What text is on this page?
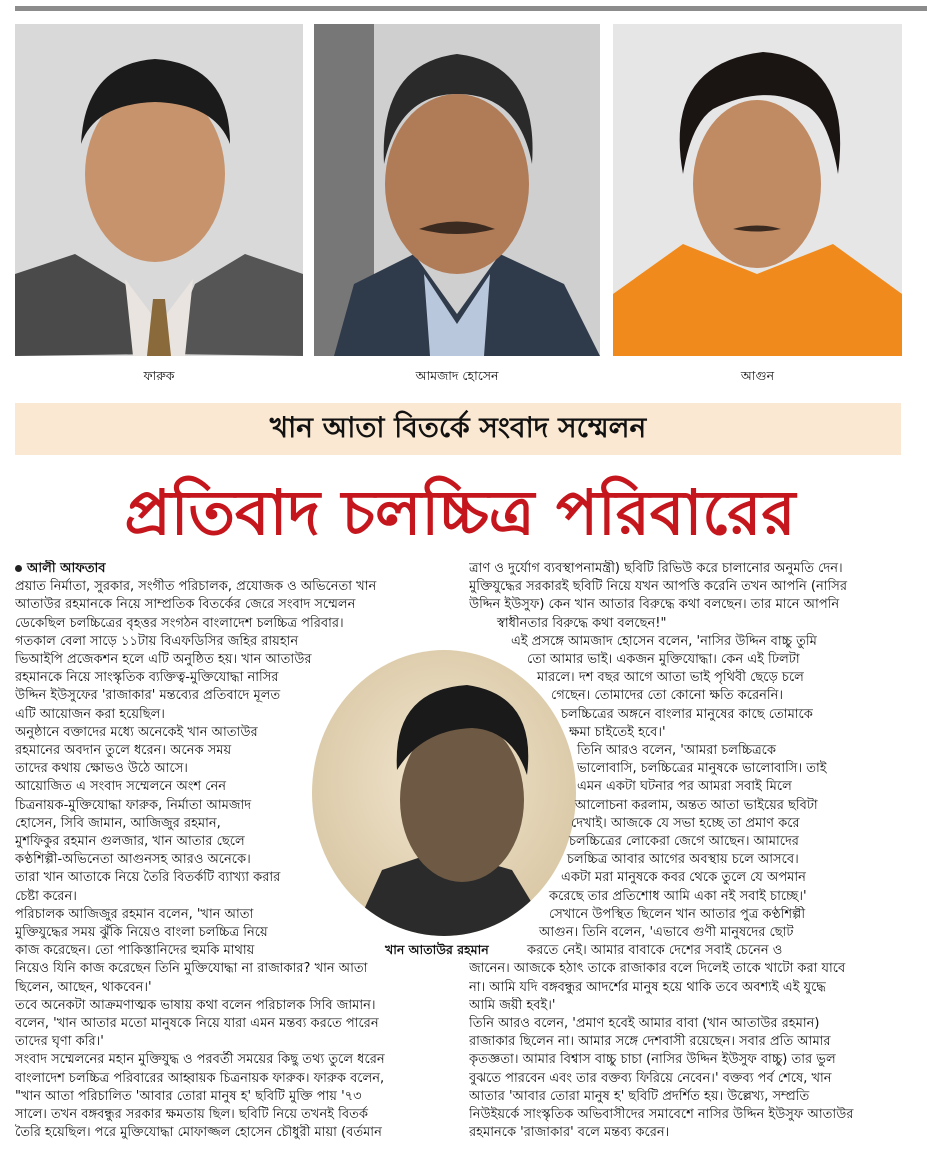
ফারুক	আমজাদ হোসেন	আগুন
খান আতা বিতর্কে সংবাদ সম্মেলন
প্রতিবাদ চলচ্চিত্র পরিবারের

আলী আফতাব

প্রয়াত নির্মাতা, সুরকার, সংগীত পরিচালক, প্রযোজক ও অভিনেতা খান

আতাউর রহমানকে নিয়ে সাম্প্রতিক বিতর্কের জেরে সংবাদ সম্মেলন

ডেকেছিল চলচ্চিত্রের বৃহত্তর সংগঠন বাংলাদেশ চলচ্চিত্র পরিবার।

গতকাল বেলা সাড়ে ১১টায় বিএফডিসির জহির রায়হান

ভিআইপি প্রজেকশন হলে এটি অনুষ্ঠিত হয়। খান আতাউর

রহমানকে নিয়ে সাংস্কৃতিক ব্যক্তিত্ব-মুক্তিযোদ্ধা নাসির

উদ্দিন ইউসুফের 'রাজাকার' মন্তব্যের প্রতিবাদে মূলত

এটি আয়োজন করা হয়েছিল।

অনুষ্ঠানে বক্তাদের মধ্যে অনেকেই খান আতাউর

রহমানের অবদান তুলে ধরেন। অনেক সময়

তাদের কথায় ক্ষোভও উঠে আসে।

আয়োজিত এ সংবাদ সম্মেলনে অংশ নেন

চিত্রনায়ক-মুক্তিযোদ্ধা ফারুক, নির্মাতা আমজাদ

হোসেন, সিবি জামান, আজিজুর রহমান,

মুশফিকুর রহমান গুলজার, খান আতার ছেলে

কণ্ঠশিল্পী-অভিনেতা আগুনসহ আরও অনেকে।

তারা খান আতাকে নিয়ে তৈরি বিতর্কটি ব্যাখ্যা করার

চেষ্টা করেন।

পরিচালক আজিজুর রহমান বলেন, 'খান আতা

মুক্তিযুদ্ধের সময় ঝুঁকি নিয়েও বাংলা চলচ্চিত্র নিয়ে

কাজ করেছেন। তো পাকিস্তানিদের হুমকি মাথায়

নিয়েও যিনি কাজ করেছেন তিনি মুক্তিযোদ্ধা না রাজাকার? খান আতা

ছিলেন, আছেন, থাকবেন।'

তবে অনেকটা আক্রমণাত্মক ভাষায় কথা বলেন পরিচালক সিবি জামান।

বলেন, 'খান আতার মতো মানুষকে নিয়ে যারা এমন মন্তব্য করতে পারেন

তাদের ঘৃণা করি।'

সংবাদ সম্মেলনের মহান মুক্তিযুদ্ধ ও পরবর্তী সময়ের কিছু তথ্য তুলে ধরেন

বাংলাদেশ চলচ্চিত্র পরিবারের আহ্বায়ক চিত্রনায়ক ফারুক। ফারুক বলেন,

"খান আতা পরিচালিত 'আবার তোরা মানুষ হ' ছবিটি মুক্তি পায় '৭৩

সালে। তখন বঙ্গবন্ধুর সরকার ক্ষমতায় ছিল। ছবিটি নিয়ে তখনই বিতর্ক

তৈরি হয়েছিল। পরে মুক্তিযোদ্ধা মোফাজ্জল হোসেন চৌধুরী মায়া (বর্তমান

খান আতাউর রহমান

ত্রাণ ও দুর্যোগ ব্যবস্থাপনামন্ত্রী) ছবিটি রিভিউ করে চালানোর অনুমতি দেন।

মুক্তিযুদ্ধের সরকারই ছবিটি নিয়ে যখন আপত্তি করেনি তখন আপনি (নাসির

উদ্দিন ইউসুফ) কেন খান আতার বিরুদ্ধে কথা বলছেন। তার মানে আপনি

স্বাধীনতার বিরুদ্ধে কথা বলছেন!"

এই প্রসঙ্গে আমজাদ হোসেন বলেন, 'নাসির উদ্দিন বাচ্চু তুমি

তো আমার ভাই। একজন মুক্তিযোদ্ধা। কেন এই ঢিলটা

মারলে। দশ বছর আগে আতা ভাই পৃথিবী ছেড়ে চলে

গেছেন। তোমাদের তো কোনো ক্ষতি করেননি।

চলচ্চিত্রের অঙ্গনে বাংলার মানুষের কাছে তোমাকে

ক্ষমা চাইতেই হবে।'

তিনি আরও বলেন, 'আমরা চলচ্চিত্রকে

ভালোবাসি, চলচ্চিত্রের মানুষকে ভালোবাসি। তাই

এমন একটা ঘটনার পর আমরা সবাই মিলে

আলোচনা করলাম, অন্তত আতা ভাইয়ের ছবিটা

দেখাই। আজকে যে সভা হচ্ছে তা প্রমাণ করে

চলচ্চিত্রের লোকেরা জেগে আছেন। আমাদের

চলচ্চিত্র আবার আগের অবস্থায় চলে আসবে।

একটা মরা মানুষকে কবর থেকে তুলে যে অপমান

করেছে তার প্রতিশোধ আমি একা নই সবাই চাচ্ছে।'

সেখানে উপস্থিত ছিলেন খান আতার পুত্র কণ্ঠশিল্পী

আগুন। তিনি বলেন, 'এভাবে গুণী মানুষদের ছোট

করতে নেই। আমার বাবাকে দেশের সবাই চেনেন ও

জানেন। আজকে হঠাৎ তাকে রাজাকার বলে দিলেই তাকে খাটো করা যাবে

না। আমি যদি বঙ্গবন্ধুর আদর্শের মানুষ হয়ে থাকি তবে অবশ্যই এই যুদ্ধে

আমি জয়ী হবই।'

তিনি আরও বলেন, 'প্রমাণ হবেই আমার বাবা (খান আতাউর রহমান)

রাজাকার ছিলেন না। আমার সঙ্গে দেশবাসী রয়েছেন। সবার প্রতি আমার

কৃতজ্ঞতা। আমার বিশ্বাস বাচ্চু চাচা (নাসির উদ্দিন ইউসুফ বাচ্চু) তার ভুল

বুঝতে পারবেন এবং তার বক্তব্য ফিরিয়ে নেবেন।' বক্তব্য পর্ব শেষে, খান

আতার 'আবার তোরা মানুষ হ' ছবিটি প্রদর্শিত হয়। উল্লেখ্য, সম্প্রতি

নিউইয়র্কে সাংস্কৃতিক অভিবাসীদের সমাবেশে নাসির উদ্দিন ইউসুফ আতাউর

রহমানকে 'রাজাকার' বলে মন্তব্য করেন।
